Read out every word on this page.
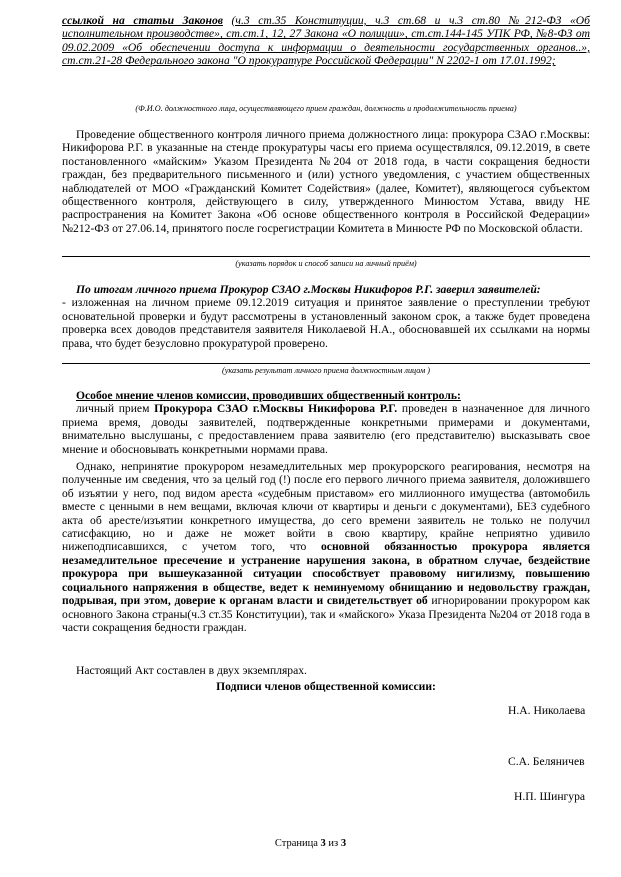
ссылкой на статьи Законов (ч.3 ст.35 Конституции, ч.3 ст.68 и ч.3 ст.80 №212-ФЗ «Об исполнительном производстве», ст.ст.1, 12, 27 Закона «О полиции», ст.ст.144-145 УПК РФ, №8-ФЗ от 09.02.2009 «Об обеспечении доступа к информации о деятельности государственных органов..», ст.ст.21-28 Федерального закона "О прокуратуре Российской Федерации" N 2202-1 от 17.01.1992;
(Ф.И.О. должностного лица, осуществляющего прием граждан, должность и продолжительность приема)
Проведение общественного контроля личного приема должностного лица: прокурора СЗАО г.Москвы: Никифорова Р.Г. в указанные на стенде прокуратуры часы его приема осуществлялся, 09.12.2019, в свете постановленного «майским» Указом Президента №204 от 2018 года, в части сокращения бедности граждан, без предварительного письменного и (или) устного уведомления, с участием общественных наблюдателей от МОО «Гражданский Комитет Содействия» (далее, Комитет), являющегося субъектом общественного контроля, действующего в силу, утвержденного Минюстом Устава, ввиду НЕ распространения на Комитет Закона «Об основе общественного контроля в Российской Федерации» №212-ФЗ от 27.06.14, принятого после госрегистрации Комитета в Минюсте РФ по Московской области.
(указать порядок и способ записи на личный приём)
По итогам личного приема Прокурор СЗАО г.Москвы Никифоров Р.Г. заверил заявителей:
- изложенная на личном приеме 09.12.2019 ситуация и принятое заявление о преступлении требуют основательной проверки и будут рассмотрены в установленный законом срок, а также будет проведена проверка всех доводов представителя заявителя Николаевой Н.А., обосновавшей их ссылками на нормы права, что будет безусловно прокуратурой проверено.
(указать результат личного приема должностным лицом )
Особое мнение членов комиссии, проводивших общественный контроль:
личный прием Прокурора СЗАО г.Москвы Никифорова Р.Г. проведен в назначенное для личного приема время, доводы заявителей, подтвержденные конкретными примерами и документами, внимательно выслушаны, с предоставлением права заявителю (его представителю) высказывать свое мнение и обосновывать конкретными нормами права.
Однако, непринятие прокурором незамедлительных мер прокурорского реагирования, несмотря на полученные им сведения, что за целый год (!) после его первого личного приема заявителя, доложившего об изъятии у него, под видом ареста «судебным приставом» его миллионного имущества (автомобиль вместе с ценными в нем вещами, включая ключи от квартиры и деньги с документами), БЕЗ судебного акта об аресте/изъятии конкретного имущества, до сего времени заявитель не только не получил сатисфакцию, но и даже не может войти в свою квартиру, крайне неприятно удивило нижеподписавшихся, с учетом того, что основной обязанностью прокурора является незамедлительное пресечение и устранение нарушения закона, в обратном случае, бездействие прокурора при вышеуказанной ситуации способствует правовому нигилизму, повышению социального напряжения в обществе, ведет к неминуемому обнищанию и недовольству граждан, подрывая, при этом, доверие к органам власти и свидетельствует об игнорировании прокурором как основного Закона страны(ч.3 ст.35 Конституции), так и «майского» Указа Президента №204 от 2018 года в части сокращения бедности граждан.
Настоящий Акт составлен в двух экземплярах.
Подписи членов общественной комиссии:
Н.А. Николаева
С.А. Беляничев
Н.П. Шингура
Страница 3 из 3
